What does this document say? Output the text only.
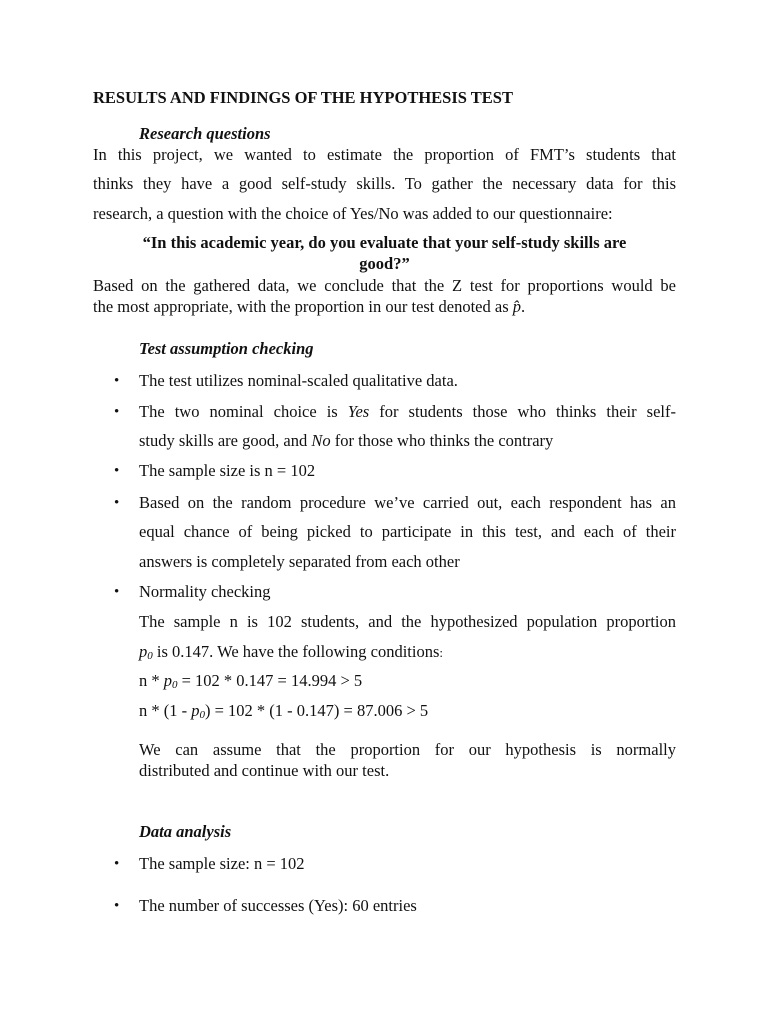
RESULTS AND FINDINGS OF THE HYPOTHESIS TEST

Research questions

In this project, we wanted to estimate the proportion of FMT’s students that

thinks they have a good self-study skills. To gather the necessary data for this

research, a question with the choice of Yes/No was added to our questionnaire:

“In this academic year, do you evaluate that your self-study skills are

good?”

Based on the gathered data, we conclude that the Z test for proportions would be

the most appropriate, with the proportion in our test denoted as p̂.

Test assumption checking

• The test utilizes nominal-scaled qualitative data.

• The two nominal choice is Yes for students those who thinks their self-

study skills are good, and No for those who thinks the contrary

• The sample size is n = 102

• Based on the random procedure we’ve carried out, each respondent has an

equal chance of being picked to participate in this test, and each of their

answers is completely separated from each other

• Normality checking

The sample n is 102 students, and the hypothesized population proportion

$p_0$ is 0.147. We have the following conditions:

$n * p_0 = 102 * 0.147 = 14.994 > 5$

$n * (1 - p_0) = 102 * (1 - 0.147) = 87.006 > 5$

We can assume that the proportion for our hypothesis is normally

distributed and continue with our test.

Data analysis

• The sample size: n = 102

• The number of successes (Yes): 60 entries
